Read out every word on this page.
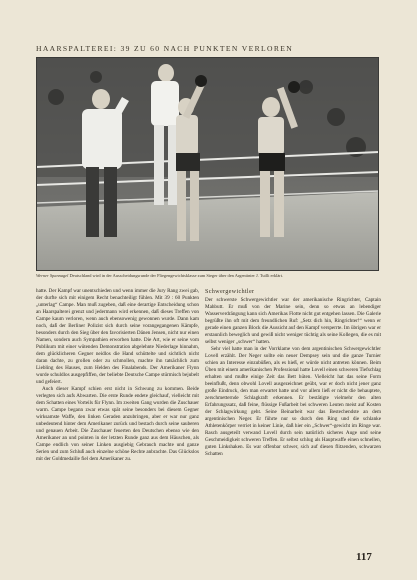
HAARSPALTEREI: 39 ZU 60 NACH PUNKTEN VERLOREN
Werner Spannagel Deutschland wird in der Ausscheidungsrunde der Fliegengewichtsklasse zum Sieger über den Argentinier J. Tuilli erklärt.

hatte. Der Kampf war unentschieden und wenn immer die Jury Rang zwei gab, der durfte sich mit einigem Recht benachteiligt fühlen. Mit 39 : 60 Punkten „unterlag“ Campe. Man muß zugeben, daß eine derartige Entscheidung schon an Haarspalterei grenzt und jedermann wird erkennen, daß dieses Treffen von Campe kaum verloren, wenn auch ebensowenig gewonnen wurde. Dann kam noch, daß der Berliner Polizist sich durch seine vorangegangenen Kämpfe, besonders durch den Sieg über den favorisierten Dänen Jensen, nicht nur einen Namen, sondern auch Sympathien erworben hatte. Die Art, wie er seine vom Publikum mit einer wütenden Demonstration abgelehnte Niederlage hinnahm, dem glücklicheren Gegner neidlos die Hand schüttelte und sichtlich nicht daran dachte, zu grollen oder zu schmollen, machte ihn tatsächlich zum Liebling des Hauses, zum Helden des Finalabends. Der Amerikaner Flynn wurde schuldlos ausgepfiffen, der beliebte Deutsche Campe stürmisch bejubelt und gefeiert.

Auch dieser Kampf schien erst nicht in Schwung zu kommen. Beide verlegten sich aufs Abwarten. Die erste Runde endete gleichauf, vielleicht mit dem Schatten eines Vorteils für Flynn. Im zweiten Gang wurden die Zuschauer warm. Campe begann zwar etwas spät seine besonders bei diesem Gegner wirksamste Waffe, den linken Geraden anzubringen, aber er war nur ganz unbedeutend hinter dem Amerikaner zurück und bestach durch seine sauberen und genauen Arbeit. Die Zuschauer feuerten den Deutschen ebenso wie den Amerikaner an und pointen in der letzten Runde ganz aus dem Häuschen, als Campe endlich von seiner Linken ausgiebig Gebrauch machte und ganze Serien und zum Schluß auch einzelne schöne Rechte anbrachte. Das Glückslos mit der Goldmedaille fiel dem Amerikaner zu.

Schwergewichtler

Der schwerste Schwergewichtler war der amerikanische Ringrichter, Captain Mahbutt. Er muß von der Marine sein, denn so etwas an lebendiger Wasserverdrängung kann sich Amerikas Flotte nicht gut entgehen lassen. Die Galerie begrüßte ihn oft mit dem freundlichen Ruf: „Setz dich hin, Ringrichter!“ wenn er gerade einen ganzen Block die Aussicht auf den Kampf versperrte. Im übrigen war er erstaunlich beweglich und gewiß nicht weniger tüchtig als seine Kollegen, die es mit selbst weniger „schwer“ hatten.

Sehr viel hatte man in der Vorrklame von dem argentinischen Schwergewichtler Lovell erzählt. Der Neger sollte ein neuer Dempsey sein und die ganze Turnier schien an Interesse einzubüßen, als es hieß, er würde nicht antreten können. Beim Üben mit einem amerikanischen Professional hatte Lovell einen schweren Tiefschlag erhalten und mußte einige Zeit das Bett hüten. Vielleicht hat das seine Form beeinflußt, denn obwohl Lovell ausgezeichnet geübt, war er doch nicht jener ganz große Eindruck, den man erwartet hatte und vor allem ließ er nicht die behauptete, zerschmetternde Schlagkraft erkennen. Er bestätigte vielmehr den alten Erfahrungssatz, daß feine, flüssige Fußarbeit bei schweren Leuten meist auf Kosten der Schlagwirkung geht. Seine Beinarbeit war das Bestechendste an dem argentinischen Neger. Er führte nur so durch den Ring und die schlanke Athletenkörper verriet in keiner Linie, daß hier ein „Schwer“-gewicht im Ringe war. Rasch ausgeteilt verwand Lovell durch sein natürlich sicheres Auge und seine Geschmeidigkeit schweren Treffen. Er selbst schlug als Hauptwaffe einen schnellen, guten Linkshaken. Es war offenbar schwer, sich auf diesen flitzenden, schwarzen Schatten

117
